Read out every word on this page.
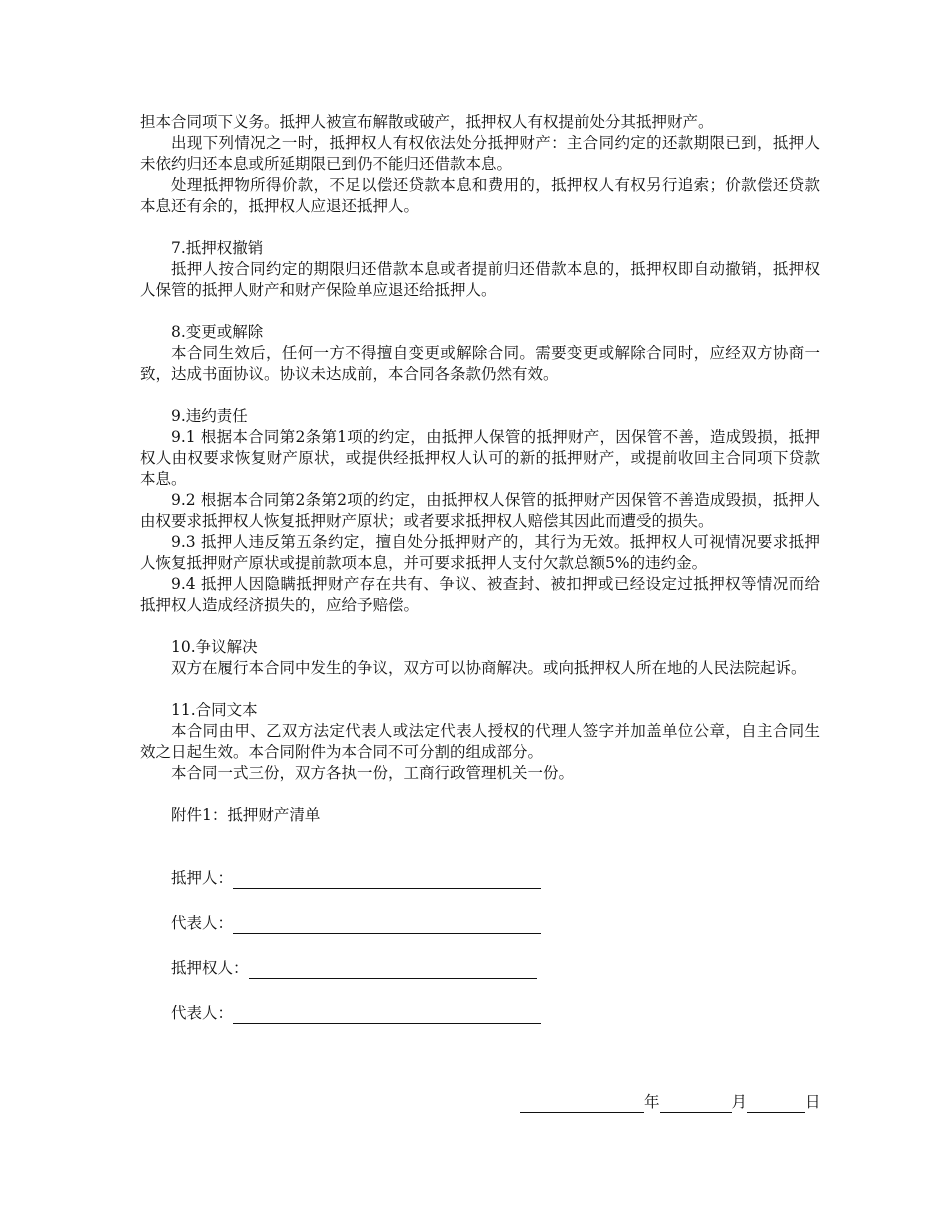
担本合同项下义务。抵押人被宣布解散或破产，抵押权人有权提前处分其抵押财产。

出现下列情况之一时，抵押权人有权依法处分抵押财产：主合同约定的还款期限已到，抵押人未依约归还本息或所延期限已到仍不能归还借款本息。

处理抵押物所得价款，不足以偿还贷款本息和费用的，抵押权人有权另行追索；价款偿还贷款本息还有余的，抵押权人应退还抵押人。

7.抵押权撤销

抵押人按合同约定的期限归还借款本息或者提前归还借款本息的，抵押权即自动撤销，抵押权人保管的抵押人财产和财产保险单应退还给抵押人。

8.变更或解除

本合同生效后，任何一方不得擅自变更或解除合同。需要变更或解除合同时，应经双方协商一致，达成书面协议。协议未达成前，本合同各条款仍然有效。

9.违约责任

9.1 根据本合同第2条第1项的约定，由抵押人保管的抵押财产，因保管不善，造成毁损，抵押权人由权要求恢复财产原状，或提供经抵押权人认可的新的抵押财产，或提前收回主合同项下贷款本息。

9.2 根据本合同第2条第2项的约定，由抵押权人保管的抵押财产因保管不善造成毁损，抵押人由权要求抵押权人恢复抵押财产原状；或者要求抵押权人赔偿其因此而遭受的损失。

9.3 抵押人违反第五条约定，擅自处分抵押财产的，其行为无效。抵押权人可视情况要求抵押人恢复抵押财产原状或提前款项本息，并可要求抵押人支付欠款总额5%的违约金。

9.4 抵押人因隐瞒抵押财产存在共有、争议、被查封、被扣押或已经设定过抵押权等情况而给抵押权人造成经济损失的，应给予赔偿。

10.争议解决

双方在履行本合同中发生的争议，双方可以协商解决。或向抵押权人所在地的人民法院起诉。

11.合同文本

本合同由甲、乙双方法定代表人或法定代表人授权的代理人签字并加盖单位公章，自主合同生效之日起生效。本合同附件为本合同不可分割的组成部分。

本合同一式三份，双方各执一份，工商行政管理机关一份。

附件1：抵押财产清单

抵押人：
代表人：
抵押权人：
代表人：
年	月	日
